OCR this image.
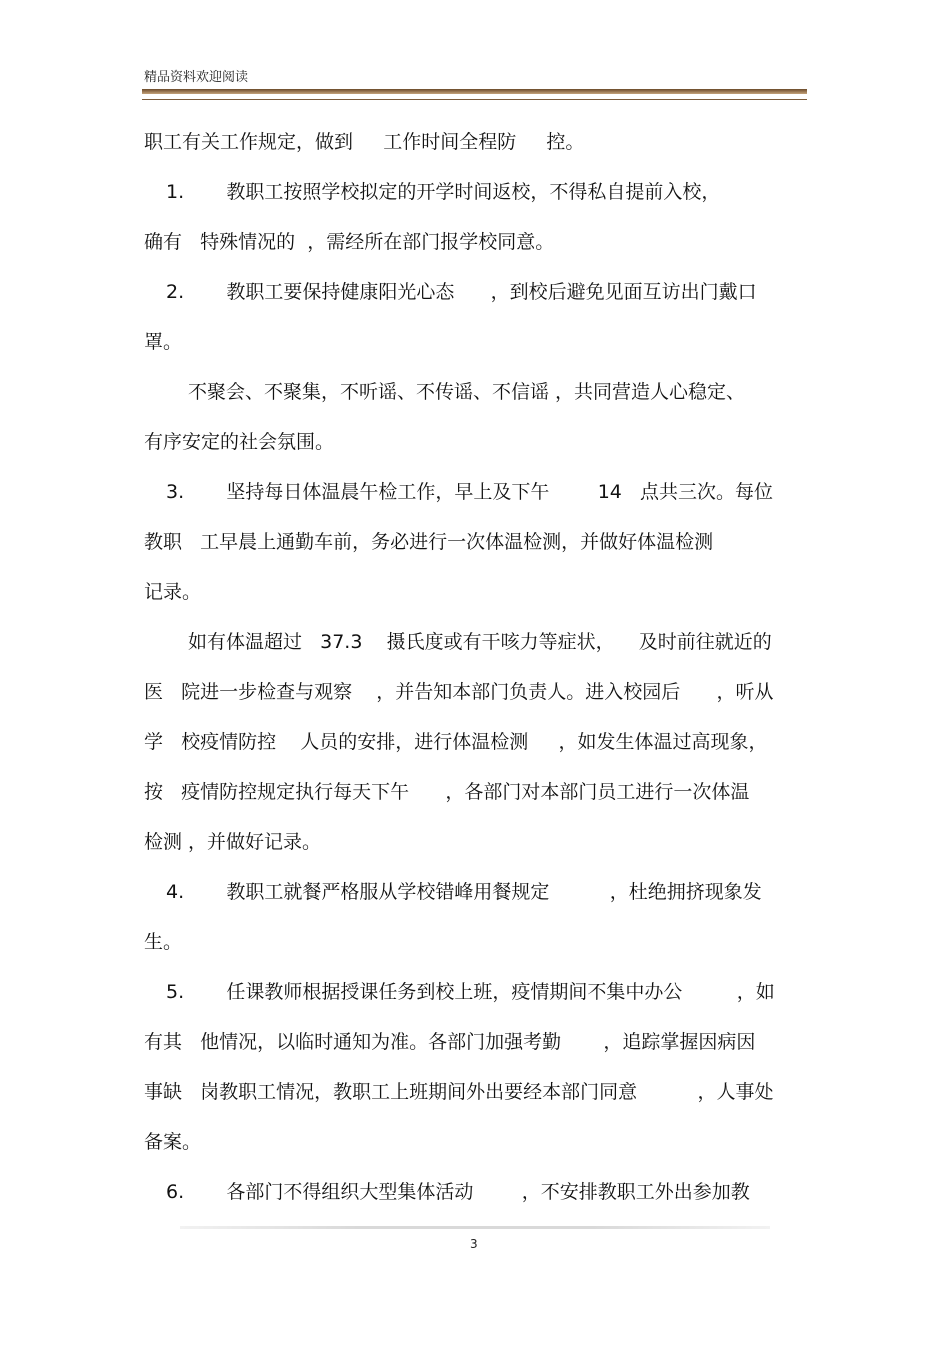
精品资料欢迎阅读
职工有关工作规定，做到     工作时间全程防     控。
1.       教职工按照学校拟定的开学时间返校，不得私自提前入校，
确有   特殊情况的  ，需经所在部门报学校同意。
2.       教职工要保持健康阳光心态      ，到校后避免见面互访出门戴口
罩。
不聚会、不聚集，不听谣、不传谣、不信谣 ，共同营造人心稳定、
有序安定的社会氛围。
3.       坚持每日体温晨午检工作，早上及下午        14   点共三次。每位
教职   工早晨上通勤车前，务必进行一次体温检测，并做好体温检测
记录。
如有体温超过   37.3    摄氏度或有干咳力等症状，    及时前往就近的
医   院进一步检查与观察    ，并告知本部门负责人。进入校园后      ，听从
学   校疫情防控    人员的安排，进行体温检测     ，如发生体温过高现象，
按   疫情防控规定执行每天下午      ，各部门对本部门员工进行一次体温
检测 ，并做好记录。
4.       教职工就餐严格服从学校错峰用餐规定          ，杜绝拥挤现象发
生。
5.       任课教师根据授课任务到校上班，疫情期间不集中办公         ，如
有其   他情况，以临时通知为准。各部门加强考勤       ，追踪掌握因病因
事缺   岗教职工情况，教职工上班期间外出要经本部门同意          ，人事处
备案。
6.       各部门不得组织大型集体活动        ，不安排教职工外出参加教
3
